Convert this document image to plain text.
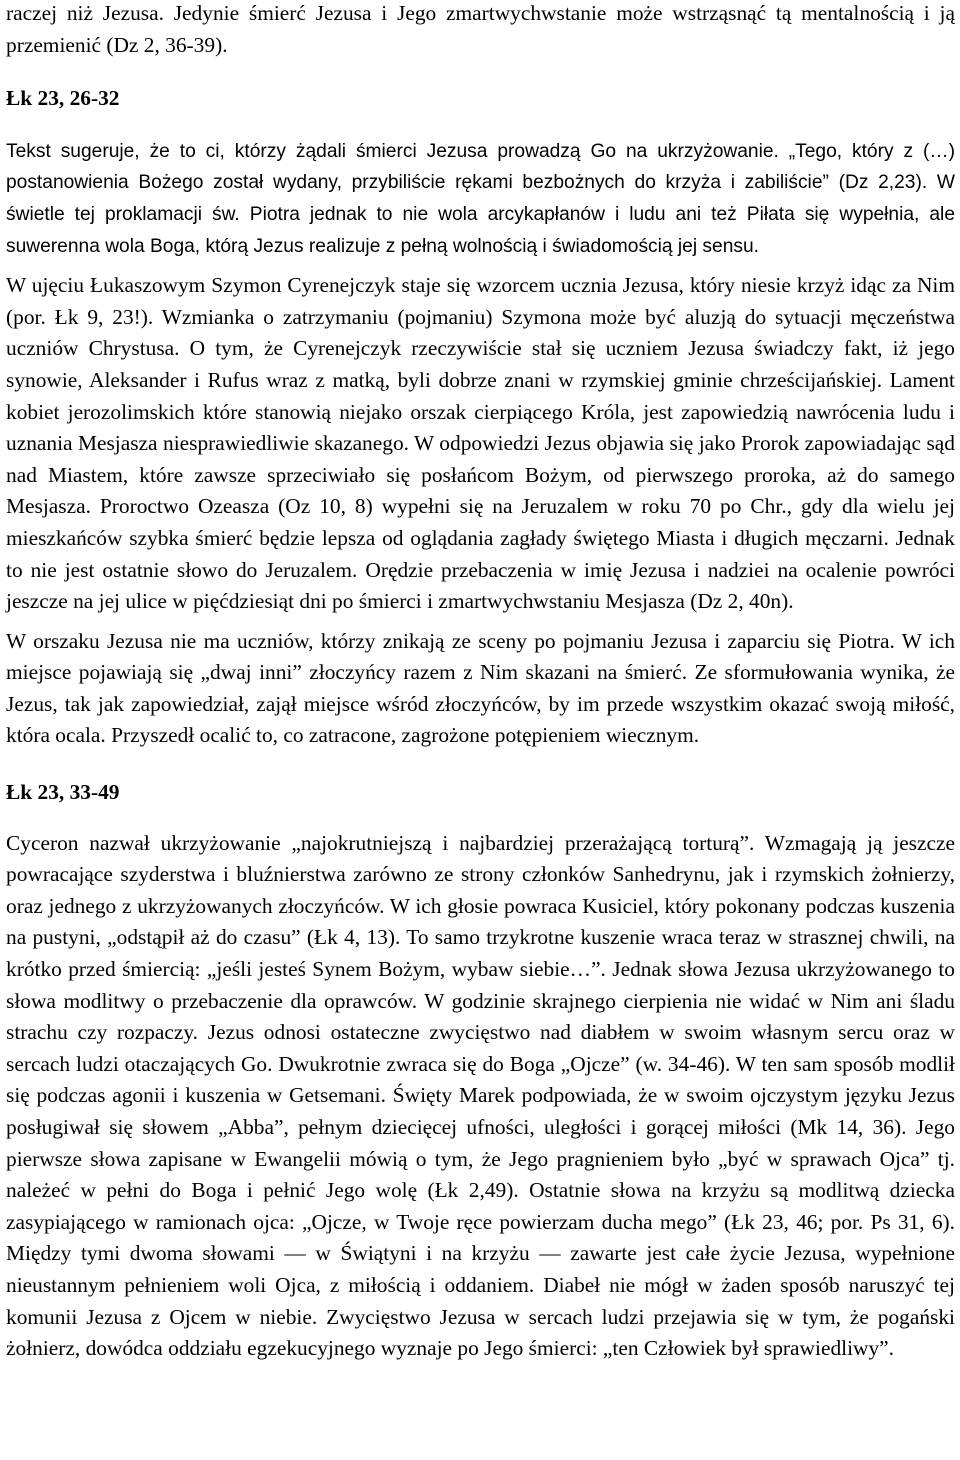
raczej niż Jezusa. Jedynie śmierć Jezusa i Jego zmartwychwstanie może wstrząsnąć tą mentalnością i ją przemienić (Dz 2, 36-39).

Łk 23, 26-32

Tekst sugeruje, że to ci, którzy żądali śmierci Jezusa prowadzą Go na ukrzyżowanie. „Tego, który z (…) postanowienia Bożego został wydany, przybiliście rękami bezbożnych do krzyża i zabiliście” (Dz 2,23). W świetle tej proklamacji św. Piotra jednak to nie wola arcykapłanów i ludu ani też Piłata się wypełnia, ale suwerenna wola Boga, którą Jezus realizuje z pełną wolnością i świadomością jej sensu.

W ujęciu Łukaszowym Szymon Cyrenejczyk staje się wzorcem ucznia Jezusa, który niesie krzyż idąc za Nim (por. Łk 9, 23!). Wzmianka o zatrzymaniu (pojmaniu) Szymona może być aluzją do sytuacji męczeństwa uczniów Chrystusa. O tym, że Cyrenejczyk rzeczywiście stał się uczniem Jezusa świadczy fakt, iż jego synowie, Aleksander i Rufus wraz z matką, byli dobrze znani w rzymskiej gminie chrześcijańskiej. Lament kobiet jerozolimskich które stanowią niejako orszak cierpiącego Króla, jest zapowiedzią nawrócenia ludu i uznania Mesjasza niesprawiedliwie skazanego. W odpowiedzi Jezus objawia się jako Prorok zapowiadając sąd nad Miastem, które zawsze sprzeciwiało się posłańcom Bożym, od pierwszego proroka, aż do samego Mesjasza. Proroctwo Ozeasza (Oz 10, 8) wypełni się na Jeruzalem w roku 70 po Chr., gdy dla wielu jej mieszkańców szybka śmierć będzie lepsza od oglądania zagłady świętego Miasta i długich męczarni. Jednak to nie jest ostatnie słowo do Jeruzalem. Orędzie przebaczenia w imię Jezusa i nadziei na ocalenie powróci jeszcze na jej ulice w pięćdziesiąt dni po śmierci i zmartwychwstaniu Mesjasza (Dz 2, 40n).

W orszaku Jezusa nie ma uczniów, którzy znikają ze sceny po pojmaniu Jezusa i zaparciu się Piotra. W ich miejsce pojawiają się „dwaj inni” złoczyńcy razem z Nim skazani na śmierć. Ze sformułowania wynika, że Jezus, tak jak zapowiedział, zajął miejsce wśród złoczyńców, by im przede wszystkim okazać swoją miłość, która ocala. Przyszedł ocalić to, co zatracone, zagrożone potępieniem wiecznym.

Łk 23, 33-49

Cyceron nazwał ukrzyżowanie „najokrutniejszą i najbardziej przerażającą torturą”. Wzmagają ją jeszcze powracające szyderstwa i bluźnierstwa zarówno ze strony członków Sanhedrynu, jak i rzymskich żołnierzy, oraz jednego z ukrzyżowanych złoczyńców. W ich głosie powraca Kusiciel, który pokonany podczas kuszenia na pustyni, „odstąpił aż do czasu” (Łk 4, 13). To samo trzykrotne kuszenie wraca teraz w strasznej chwili, na krótko przed śmiercią: „jeśli jesteś Synem Bożym, wybaw siebie…”. Jednak słowa Jezusa ukrzyżowanego to słowa modlitwy o przebaczenie dla oprawców. W godzinie skrajnego cierpienia nie widać w Nim ani śladu strachu czy rozpaczy. Jezus odnosi ostateczne zwycięstwo nad diabłem w swoim własnym sercu oraz w sercach ludzi otaczających Go. Dwukrotnie zwraca się do Boga „Ojcze” (w. 34-46). W ten sam sposób modlił się podczas agonii i kuszenia w Getsemani. Święty Marek podpowiada, że w swoim ojczystym języku Jezus posługiwał się słowem „Abba”, pełnym dziecięcej ufności, uległości i gorącej miłości (Mk 14, 36). Jego pierwsze słowa zapisane w Ewangelii mówią o tym, że Jego pragnieniem było „być w sprawach Ojca” tj. należeć w pełni do Boga i pełnić Jego wolę (Łk 2,49). Ostatnie słowa na krzyżu są modlitwą dziecka zasypiającego w ramionach ojca: „Ojcze, w Twoje ręce powierzam ducha mego” (Łk 23, 46; por. Ps 31, 6). Między tymi dwoma słowami — w Świątyni i na krzyżu — zawarte jest całe życie Jezusa, wypełnione nieustannym pełnieniem woli Ojca, z miłością i oddaniem. Diabeł nie mógł w żaden sposób naruszyć tej komunii Jezusa z Ojcem w niebie. Zwycięstwo Jezusa w sercach ludzi przejawia się w tym, że pogański żołnierz, dowódca oddziału egzekucyjnego wyznaje po Jego śmierci: „ten Człowiek był sprawiedliwy”.
